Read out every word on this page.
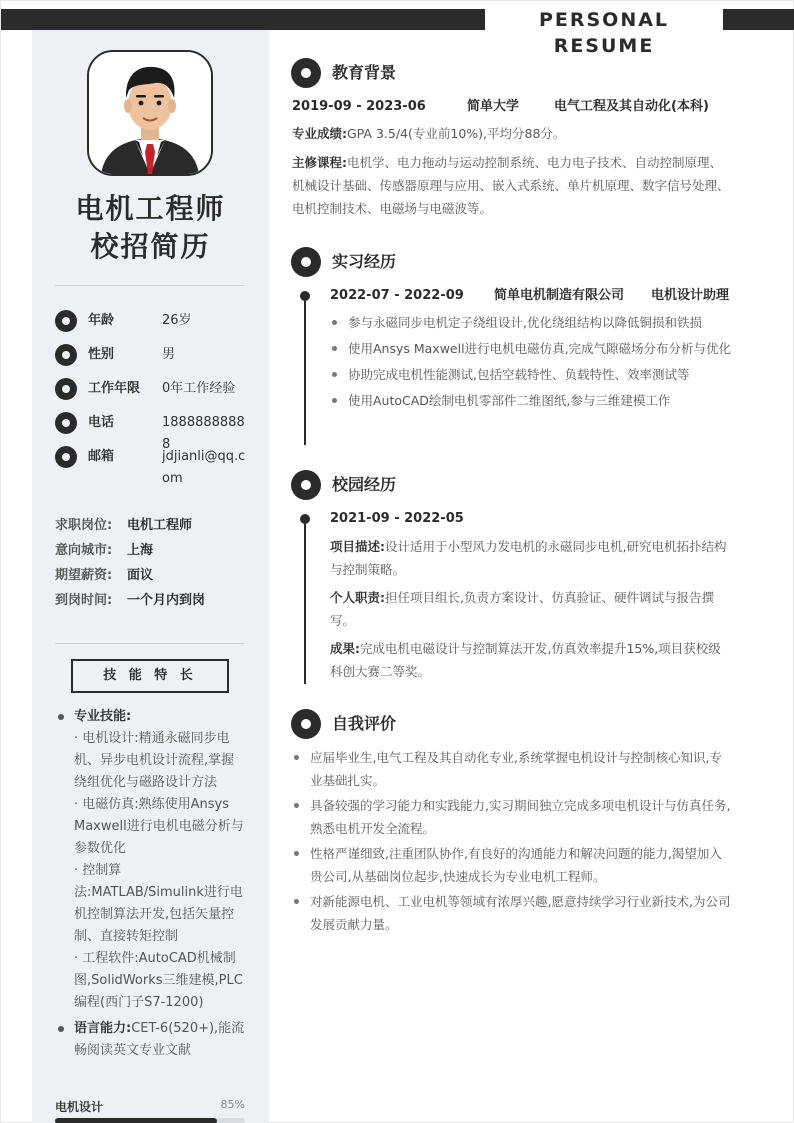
PERSONAL RESUME
电机工程师
校招简历
年龄	26岁
性别	男
工作年限 0年工作经验
电话	18888888888
邮箱	jdjianli@qq.com
求职岗位: 电机工程师
意向城市: 上海
期望薪资: 面议
到岗时间: 一个月内到岗
技 能 特 长
专业技能:
· 电机设计:精通永磁同步电机、异步电机设计流程,掌握绕组优化与磁路设计方法
· 电磁仿真:熟练使用Ansys Maxwell进行电机电磁分析与参数优化
· 控制算法:MATLAB/Simulink进行电机控制算法开发,包括矢量控制、直接转矩控制
· 工程软件:AutoCAD机械制图,SolidWorks三维建模,PLC编程(西门子S7-1200)
语言能力:CET-6(520+),能流畅阅读英文专业文献
电机设计	85%
教育背景
2019-09 - 2023-06	简单大学	电气工程及其自动化(本科)
专业成绩:GPA 3.5/4(专业前10%),平均分88分。
主修课程:电机学、电力拖动与运动控制系统、电力电子技术、自动控制原理、机械设计基础、传感器原理与应用、嵌入式系统、单片机原理、数字信号处理、电机控制技术、电磁场与电磁波等。
实习经历
2022-07 - 2022-09 简单电机制造有限公司 电机设计助理
参与永磁同步电机定子绕组设计,优化绕组结构以降低铜损和铁损
使用Ansys Maxwell进行电机电磁仿真,完成气隙磁场分布分析与优化
协助完成电机性能测试,包括空载特性、负载特性、效率测试等
使用AutoCAD绘制电机零部件二维图纸,参与三维建模工作
校园经历
2021-09 - 2022-05

项目描述:设计适用于小型风力发电机的永磁同步电机,研究电机拓扑结构与控制策略。

个人职责:担任项目组长,负责方案设计、仿真验证、硬件调试与报告撰写。

成果:完成电机电磁设计与控制算法开发,仿真效率提升15%,项目获校级科创大赛二等奖。

自我评价
应届毕业生,电气工程及其自动化专业,系统掌握电机设计与控制核心知识,专业基础扎实。
具备较强的学习能力和实践能力,实习期间独立完成多项电机设计与仿真任务,熟悉电机开发全流程。
性格严谨细致,注重团队协作,有良好的沟通能力和解决问题的能力,渴望加入贵公司,从基础岗位起步,快速成长为专业电机工程师。
对新能源电机、工业电机等领域有浓厚兴趣,愿意持续学习行业新技术,为公司发展贡献力量。
